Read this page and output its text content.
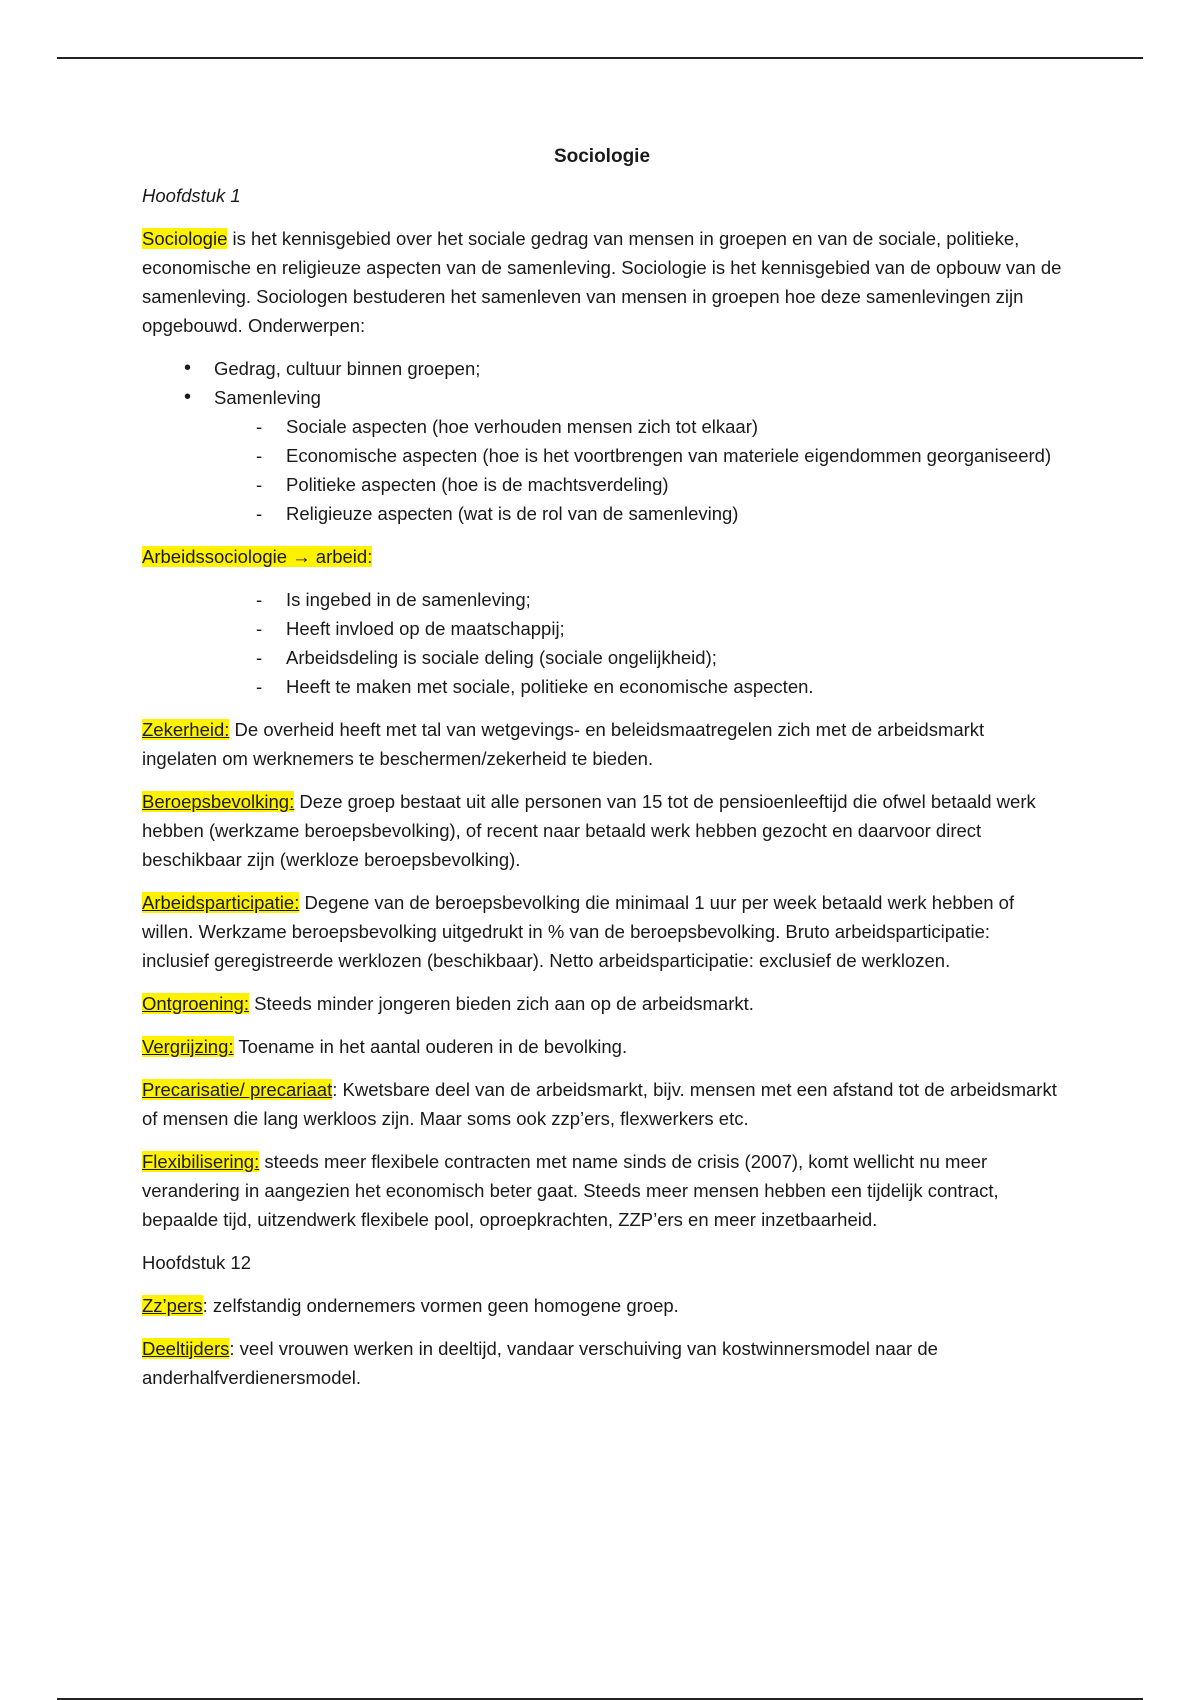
Sociologie
Hoofdstuk 1

Sociologie is het kennisgebied over het sociale gedrag van mensen in groepen en van de sociale, politieke, economische en religieuze aspecten van de samenleving. Sociologie is het kennisgebied van de opbouw van de samenleving. Sociologen bestuderen het samenleven van mensen in groepen hoe deze samenlevingen zijn opgebouwd. Onderwerpen:

• Gedrag, cultuur binnen groepen;
• Samenleving
- Sociale aspecten (hoe verhouden mensen zich tot elkaar)
- Economische aspecten (hoe is het voortbrengen van materiele eigendommen georganiseerd)
- Politieke aspecten (hoe is de machtsverdeling)
- Religieuze aspecten (wat is de rol van de samenleving)

Arbeidssociologie → arbeid:

- Is ingebed in de samenleving;
- Heeft invloed op de maatschappij;
- Arbeidsdeling is sociale deling (sociale ongelijkheid);
- Heeft te maken met sociale, politieke en economische aspecten.

Zekerheid: De overheid heeft met tal van wetgevings- en beleidsmaatregelen zich met de arbeidsmarkt ingelaten om werknemers te beschermen/zekerheid te bieden.

Beroepsbevolking: Deze groep bestaat uit alle personen van 15 tot de pensioenleeftijd die ofwel betaald werk hebben (werkzame beroepsbevolking), of recent naar betaald werk hebben gezocht en daarvoor direct beschikbaar zijn (werkloze beroepsbevolking).

Arbeidsparticipatie: Degene van de beroepsbevolking die minimaal 1 uur per week betaald werk hebben of willen. Werkzame beroepsbevolking uitgedrukt in % van de beroepsbevolking. Bruto arbeidsparticipatie: inclusief geregistreerde werklozen (beschikbaar). Netto arbeidsparticipatie: exclusief de werklozen.

Ontgroening: Steeds minder jongeren bieden zich aan op de arbeidsmarkt.

Vergrijzing: Toename in het aantal ouderen in de bevolking.

Precarisatie/ precariaat: Kwetsbare deel van de arbeidsmarkt, bijv. mensen met een afstand tot de arbeidsmarkt of mensen die lang werkloos zijn. Maar soms ook zzp’ers, flexwerkers etc.

Flexibilisering: steeds meer flexibele contracten met name sinds de crisis (2007), komt wellicht nu meer verandering in aangezien het economisch beter gaat. Steeds meer mensen hebben een tijdelijk contract, bepaalde tijd, uitzendwerk flexibele pool, oproepkrachten, ZZP’ers en meer inzetbaarheid.

Hoofdstuk 12

Zz’pers: zelfstandig ondernemers vormen geen homogene groep.

Deeltijders: veel vrouwen werken in deeltijd, vandaar verschuiving van kostwinnersmodel naar de anderhalfverdienersmodel.
